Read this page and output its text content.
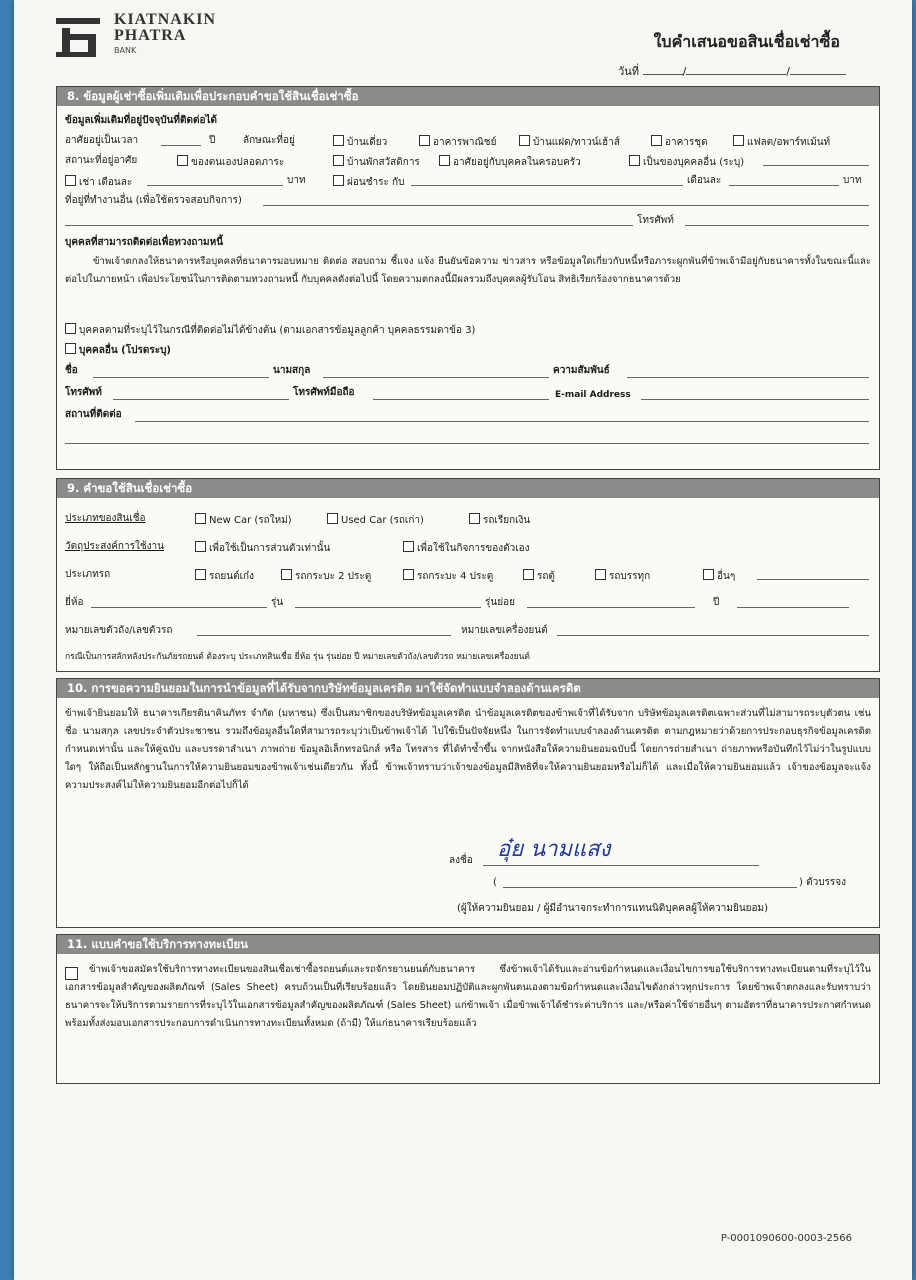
KIATNAKIN
PHATRA
BANK	ใบคำเสนอขอสินเชื่อเช่าซื้อ
วันที่	/	/
8. ข้อมูลผู้เช่าซื้อเพิ่มเติมเพื่อประกอบคำขอใช้สินเชื่อเช่าซื้อ
ข้อมูลเพิ่มเติมที่อยู่ปัจจุบันที่ติดต่อได้
อาศัยอยู่เป็นเวลา	ปี	ลักษณะที่อยู่	บ้านเดี่ยว	อาคารพาณิชย์	บ้านแฝด/ทาวน์เฮ้าส์	อาคารชุด	แฟลต/อพาร์ทเม้นท์
สถานะที่อยู่อาศัย	ของตนเองปลอดภาระ	บ้านพักสวัสดิการ	อาศัยอยู่กับบุคคลในครอบครัว	เป็นของบุคคลอื่น (ระบุ)
เช่า เดือนละ	บาท	ผ่อนชำระ กับ	เดือนละ	บาท
ที่อยู่ที่ทำงานอื่น (เพื่อใช้ตรวจสอบกิจการ)
โทรศัพท์
บุคคลที่สามารถติดต่อเพื่อทวงถามหนี้
ข้าพเจ้าตกลงให้ธนาคารหรือบุคคลที่ธนาคารมอบหมาย ติดต่อ สอบถาม ชี้แจง แจ้ง ยืนยันข้อความ ข่าวสาร หรือข้อมูลใดเกี่ยวกับหนี้หรือภาระผูกพันที่ข้าพเจ้ามีอยู่กับธนาคารทั้งในขณะนี้และต่อไปในภายหน้า เพื่อประโยชน์ในการติดตามทวงถามหนี้ กับบุคคลดังต่อไปนี้ โดยความตกลงนี้มีผลรวมถึงบุคคลผู้รับโอน สิทธิเรียกร้องจากธนาคารด้วย
บุคคลตามที่ระบุไว้ในกรณีที่ติดต่อไม่ได้ข้างต้น (ตามเอกสารข้อมูลลูกค้า บุคคลธรรมดาข้อ 3)
บุคคลอื่น (โปรดระบุ)
ชื่อ	นามสกุล	ความสัมพันธ์
โทรศัพท์	โทรศัพท์มือถือ	E-mail Address
สถานที่ติดต่อ
9. คำขอใช้สินเชื่อเช่าซื้อ
ประเภทของสินเชื่อ	New Car (รถใหม่)	Used Car (รถเก่า)	รถเรียกเงิน
วัตถุประสงค์การใช้งาน	เพื่อใช้เป็นการส่วนตัวเท่านั้น	เพื่อใช้ในกิจการของตัวเอง
ประเภทรถ	รถยนต์เก๋ง	รถกระบะ 2 ประตู	รถกระบะ 4 ประตู	รถตู้	รถบรรทุก	อื่นๆ
ยี่ห้อ	รุ่น	รุ่นย่อย	ปี
หมายเลขตัวถัง/เลขตัวรถ	หมายเลขเครื่องยนต์
กรณีเป็นการสลักหลังประกันภัยรถยนต์ ต้องระบุ ประเภทสินเชื่อ ยี่ห้อ รุ่น รุ่นย่อย ปี หมายเลขตัวถัง/เลขตัวรถ หมายเลขเครื่องยนต์
10. การขอความยินยอมในการนำข้อมูลที่ได้รับจากบริษัทข้อมูลเครดิต มาใช้จัดทำแบบจำลองด้านเครดิต
ข้าพเจ้ายินยอมให้ ธนาคารเกียรตินาคินภัทร จำกัด (มหาชน) ซึ่งเป็นสมาชิกของบริษัทข้อมูลเครดิต นำข้อมูลเครดิตของข้าพเจ้าที่ได้รับจาก บริษัทข้อมูลเครดิตเฉพาะส่วนที่ไม่สามารถระบุตัวตน เช่น ชื่อ นามสกุล เลขประจำตัวประชาชน รวมถึงข้อมูลอื่นใดที่สามารถระบุว่าเป็นข้าพเจ้าได้ ไปใช้เป็นปัจจัยหนึ่ง ในการจัดทำแบบจำลองด้านเครดิต ตามกฎหมายว่าด้วยการประกอบธุรกิจข้อมูลเครดิตกำหนดเท่านั้น และให้คู่ฉบับ และบรรดาสำเนา ภาพถ่าย ข้อมูลอิเล็กทรอนิกส์ หรือ โทรสาร ที่ได้ทำซ้ำขึ้น จากหนังสือให้ความยินยอมฉบับนี้ โดยการถ่ายสำเนา ถ่ายภาพหรือบันทึกไว้ไม่ว่าในรูปแบบใดๆ ให้ถือเป็นหลักฐานในการให้ความยินยอมของข้าพเจ้าเช่นเดียวกัน ทั้งนี้ ข้าพเจ้าทราบว่าเจ้าของข้อมูลมีสิทธิที่จะให้ความยินยอมหรือไม่ก็ได้ และเมื่อให้ความยินยอมแล้ว เจ้าของข้อมูลจะแจ้งความประสงค์ไม่ให้ความยินยอมอีกต่อไปก็ได้
ลงชื่อ อุ๋ย นามแสง
(	) ตัวบรรจง
(ผู้ให้ความยินยอม / ผู้มีอำนาจกระทำการแทนนิติบุคคลผู้ให้ความยินยอม)
11. แบบคำขอใช้บริการทางทะเบียน
ข้าพเจ้าขอสมัครใช้บริการทางทะเบียนของสินเชื่อเช่าซื้อรถยนต์และรถจักรยานยนต์กับธนาคาร ซึ่งข้าพเจ้าได้รับและอ่านข้อกำหนดและเงื่อนไขการขอใช้บริการทางทะเบียนตามที่ระบุไว้ในเอกสารข้อมูลสำคัญของผลิตภัณฑ์ (Sales Sheet) ครบถ้วนเป็นที่เรียบร้อยแล้ว โดยยินยอมปฏิบัติและผูกพันตนเองตามข้อกำหนดและเงื่อนไขดังกล่าวทุกประการ โดยข้าพเจ้าตกลงและรับทราบว่า ธนาคารจะให้บริการตามรายการที่ระบุไว้ในเอกสารข้อมูลสำคัญของผลิตภัณฑ์ (Sales Sheet) แก่ข้าพเจ้า เมื่อข้าพเจ้าได้ชำระค่าบริการ และ/หรือค่าใช้จ่ายอื่นๆ ตามอัตราที่ธนาคารประกาศกำหนด พร้อมทั้งส่งมอบเอกสารประกอบการดำเนินการทางทะเบียนทั้งหมด (ถ้ามี) ให้แก่ธนาคารเรียบร้อยแล้ว
P-0001090600-0003-2566
